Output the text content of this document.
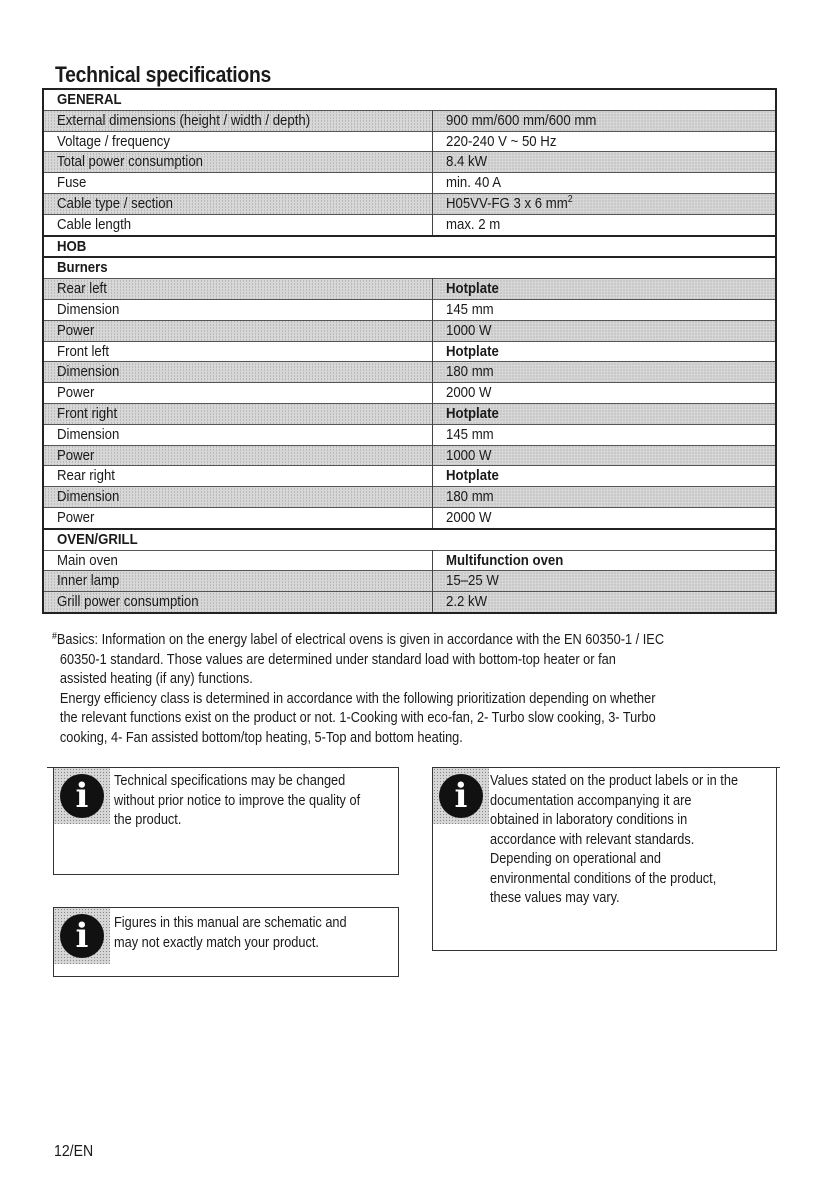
Technical specifications
GENERAL	
External dimensions (height / width / depth)	900 mm/600 mm/600 mm
Voltage / frequency	220-240 V ~ 50 Hz
Total power consumption	8.4 kW
Fuse	min. 40 A
Cable type / section	H05VV-FG 3 x 6 $mm^2$
Cable length	max. 2 m
HOB	
Burners	
Rear left	Hotplate
Dimension	145 mm
Power	1000 W
Front left	Hotplate
Dimension	180 mm
Power	2000 W
Front right	Hotplate
Dimension	145 mm
Power	1000 W
Rear right	Hotplate
Dimension	180 mm
Power	2000 W
OVEN/GRILL	
Main oven	Multifunction oven
Inner lamp	15–25 W
Grill power consumption	2.2 kW

#Basics: Information on the energy label of electrical ovens is given in accordance with the EN 60350-1 / IEC

60350-1 standard. Those values are determined under standard load with bottom-top heater or fan

assisted heating (if any) functions.

Energy efficiency class is determined in accordance with the following prioritization depending on whether

the relevant functions exist on the product or not. 1-Cooking with eco-fan, 2- Turbo slow cooking, 3- Turbo

cooking, 4- Fan assisted bottom/top heating, 5-Top and bottom heating.

i	Technical specifications may be changed

without prior notice to improve the quality of

the product.

i	Figures in this manual are schematic and

may not exactly match your product.

i	Values stated on the product labels or in the

documentation accompanying it are

obtained in laboratory conditions in

accordance with relevant standards.

Depending on operational and

environmental conditions of the product,

these values may vary.

12/EN
